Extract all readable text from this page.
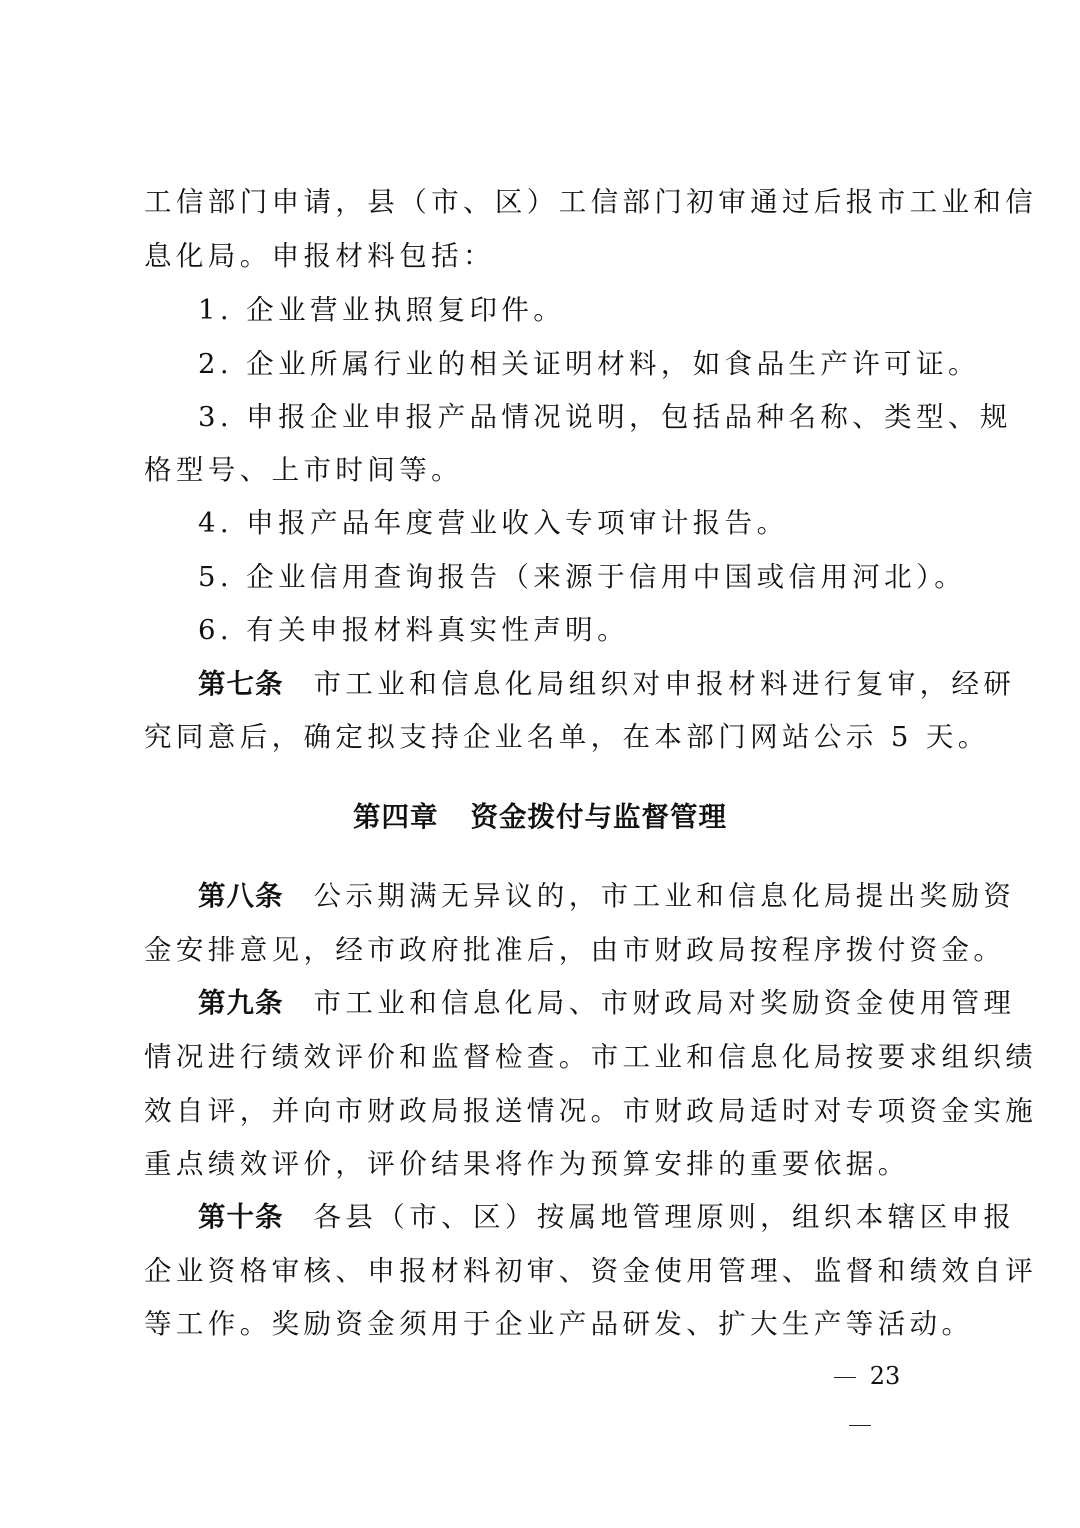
工信部门申请，县（市、区）工信部门初审通过后报市工业和信
息化局。申报材料包括：
1. 企业营业执照复印件。
2. 企业所属行业的相关证明材料，如食品生产许可证。
3. 申报企业申报产品情况说明，包括品种名称、类型、规
格型号、上市时间等。
4. 申报产品年度营业收入专项审计报告。
5. 企业信用查询报告（来源于信用中国或信用河北）。
6. 有关申报材料真实性声明。
第七条 市工业和信息化局组织对申报材料进行复审，经研
究同意后，确定拟支持企业名单，在本部门网站公示 5 天。
第四章 资金拨付与监督管理
第八条 公示期满无异议的，市工业和信息化局提出奖励资
金安排意见，经市政府批准后，由市财政局按程序拨付资金。
第九条 市工业和信息化局、市财政局对奖励资金使用管理
情况进行绩效评价和监督检查。市工业和信息化局按要求组织绩
效自评，并向市财政局报送情况。市财政局适时对专项资金实施
重点绩效评价，评价结果将作为预算安排的重要依据。
第十条 各县（市、区）按属地管理原则，组织本辖区申报
企业资格审核、申报材料初审、资金使用管理、监督和绩效自评
等工作。奖励资金须用于企业产品研发、扩大生产等活动。
23
